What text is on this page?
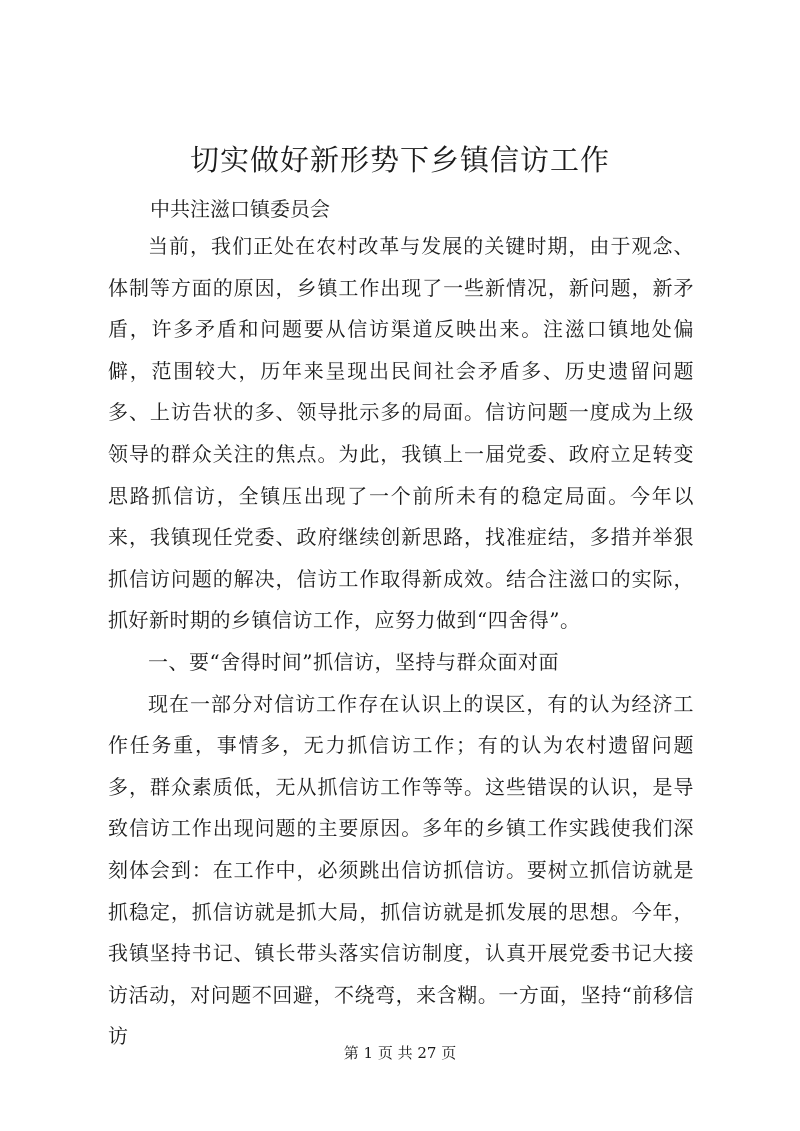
切实做好新形势下乡镇信访工作

中共注滋口镇委员会

当前，我们正处在农村改革与发展的关键时期，由于观念、体制等方面的原因，乡镇工作出现了一些新情况，新问题，新矛盾，许多矛盾和问题要从信访渠道反映出来。注滋口镇地处偏僻，范围较大，历年来呈现出民间社会矛盾多、历史遗留问题多、上访告状的多、领导批示多的局面。信访问题一度成为上级领导的群众关注的焦点。为此，我镇上一届党委、政府立足转变思路抓信访，全镇压出现了一个前所未有的稳定局面。今年以来，我镇现任党委、政府继续创新思路，找准症结，多措并举狠抓信访问题的解决，信访工作取得新成效。结合注滋口的实际，抓好新时期的乡镇信访工作，应努力做到“四舍得”。

一、要“舍得时间”抓信访，坚持与群众面对面

现在一部分对信访工作存在认识上的误区，有的认为经济工作任务重，事情多，无力抓信访工作；有的认为农村遗留问题多，群众素质低，无从抓信访工作等等。这些错误的认识，是导致信访工作出现问题的主要原因。多年的乡镇工作实践使我们深刻体会到：在工作中，必须跳出信访抓信访。要树立抓信访就是抓稳定，抓信访就是抓大局，抓信访就是抓发展的思想。今年，我镇坚持书记、镇长带头落实信访制度，认真开展党委书记大接访活动，对问题不回避，不绕弯，来含糊。一方面，坚持“前移信访

第 1 页 共 27 页
